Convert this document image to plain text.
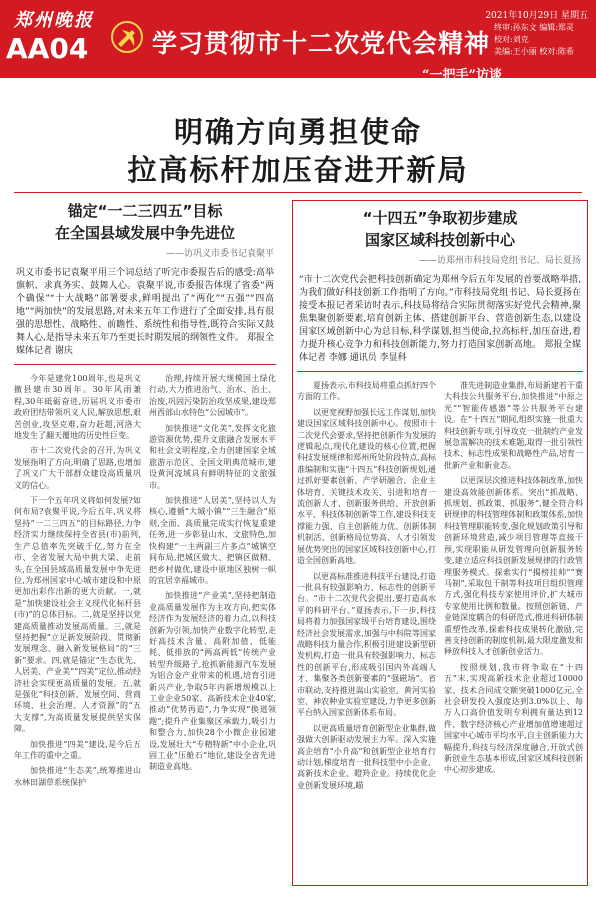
郑州晚报
AA04	学习贯彻市十二次党代会精神
“一把手”访谈
2021年10月29日 星期五
终审:孙东文 编辑:郑灵
校对:刘克
美编:王小丽 校对:陈希
明确方向勇担使命
拉高标杆加压奋进开新局
锚定“一二三四五”目标
在全国县域发展中争先进位
—— 访巩义市委书记袁聚平
巩义市委书记袁聚平用三个词总结了听完市委报告后的感受:高举旗帜、求真务实、鼓舞人心。袁聚平说,市委报告体现了省委“两个确保”“十大战略”部署要求,鲜明提出了“两化”“五强”“四高地”“两加快”的发展思路,对未来五年工作进行了全面安排,具有很强的思想性、战略性、前瞻性、系统性和指导性,既符合实际又鼓舞人心,是指导未来五年乃至更长时期发展的纲领性文件。 郑报全媒体记者 谢庆

今年是建党100周年,也是巩义撤县建市30周年。30年风雨兼程,30年砥砺奋进,历届巩义市委市政府团结带领巩义人民,解放思想,艰苦创业,攻坚克难,奋力赶超,河洛大地发生了翻天覆地的历史性巨变。

市十二次党代会的召开,为巩义发展指明了方向,明确了思路,也增加了巩义广大干部群众建设高质量巩义的信心。

下一个五年巩义将如何发展?如何布局?袁聚平说,今后五年,巩义将坚持“一二三四五”的目标路径,力争经济实力继续保持全省县(市)前列,生产总值率先突破千亿,努力在全市、全省发展大局中挑大梁、走前头,在全国县域高质量发展中争先进位,为郑州国家中心城市建设和中原更加出彩作出新的更大贡献。一,就是“加快建设社会主义现代化标杆县(市)”的总体目标。二,就是坚持以党建高质量推动发展高质量。三,就是坚持把握“立足新发展阶段、贯彻新发展理念、融入新发展格局”的“三新”要求。四,就是锚定“生态优先、人居美、产业美”“四美”定位,推动经济社会实现更高质量的发展。五,就是强化“科技创新、发展空间、营商环境、社会治理、人才资源”的“五大支撑”,为高质量发展提供坚实保障。

加快推进“四美”建设,是今后五年工作的重中之重。

加快推进“生态美”,统筹推进山水林田湖草系统保护

治理,持续开展大规模国土绿化行动,大力推进治气、治水、治土、治废,巩固污染防治攻坚成果,建设郑州西部山水特色“公园城市”。

加快推进“文化美”,发挥文化旅游资源优势,提升文旅融合发展水平和社会文明程度,全力创建国家全域旅游示范区、全国文明典范城市,建设黄河流域具有鲜明特征的文旅强市。

加快推进“人居美”,坚持以人为核心,遵循“大城小镇”“三生融合”原则,全面、高质量完成实行恢复重建任务,进一步彰显山水、文旅特色,加快构建“一主两副三片多点”城镇空间布局,把城区做大、把镇区做精、把乡村做优,建设中原地区独树一帜的宜居幸福城市。

加快推进“产业美”,坚持把制造业高质量发展作为主攻方向,把实体经济作为发展经济的着力点,以科技创新为引领,加快产业数字化转型,走好高技术含量、高附加值、低能耗、低排放的“两高两低”传统产业转型升级路子,抢抓新能源汽车发展为铝合金产业带来的机遇,培育引进新兴产业,争取5年内新增规模以上工业企业50家、高新技术企业40家,推动“优势再造”,力争实现“换道领跑”;提升产业集聚区承载力,吸引力和整合力,加快28个小微企业园建设,发展壮大“专精特新”中小企业,巩固工业“压舱石”地位,建设全省先进制造业高地。

“十四五”争取初步建成
国家区域科技创新中心
—— 访郑州市科技局党组书记、局长夏扬
“市十二次党代会把科技创新确定为郑州今后五年发展的首要战略举措,为我们做好科技创新工作指明了方向。”市科技局党组书记、局长夏扬在接受本报记者采访时表示,科技局将结合实际贯彻落实好党代会精神,聚焦集聚创新要素,培育创新主体、搭建创新平台、营造创新生态,以建设国家区域创新中心为总目标,科学谋划,担当使命,拉高标杆,加压奋进,着力提升核心竞争力和科技创新能力,努力打造国家创新高地。 郑报全媒体记者 李娜 通讯员 李显科

夏扬表示,市科技局将重点抓好四个方面的工作。

以更宽视野加强长远工作谋划,加快建设国家区域科技创新中心。按照市十二次党代会要求,坚持把创新作为发展的逻辑起点,现代化建设的核心位置,把握科技发展规律和郑州所处阶段特点,高标准编制和实施“十四五”科技创新规划,通过抓好要素创新、产学研融合、企业主体培育、关键技术攻关、引进和培育一流创新人才、创新服务供给、开放创新水平、科技体制创新等工作,建设科技支撑能力强、自主创新能力优、创新体制机制活、创新格局位势高、人才引领发展优势突出的国家区域科技创新中心,打造全国创新高地。

以更高标准推进科技平台建设,打造一批具有较强影响力、标志性的创新平台。“市十二次党代会提出,要打造高水平的科研平台。”夏扬表示,下一步,科技局将着力加强国家级平台培育建设,围绕经济社会发展需求,加强与中科院等国家战略科技力量合作,积极引进建设新型研发机构,打造一批具有较强影响力、标志性的创新平台,形成吸引国内外高端人才、集聚各类创新要素的“强磁场”。省市联动,支持推进嵩山实验室、黄河实验室、神农种业实验室建设,力争更多创新平台纳入国家创新体系布局。

以更高质量培育创新型企业集群,做强做大创新驱动发展主力军。深入实施高企培育“小升高”和创新型企业培育行动计划,梯度培育一批科技型中小企业、高新技术企业、瞪羚企业。持续优化企业创新发展环境,瞄

准先进制造业集群,布局新建若干重大科技公共服务平台,加快推进“中原之光”“智能传感器”等公共服务平台建设。在“十四五”期间,组织实施一批重大科技创新专项,引导攻克一批制约产业发展急需解决的技术难题,取得一批引领性技术、标志性成果和战略性产品,培育一批新产业和新业态。

以更深层次推进科技体制改革,加快建设高效能创新体系。突出“抓战略、抓规划、抓政策、抓服务”,健全符合科研规律的科技管理体制和政策体系,加快科技管理职能转变,强化规划政策引导和创新环境营造,减少项目管理等直接干预,实现职能从研发管理向创新服务转变,建立适应科技创新发展规律的行政管理服务模式。探索实行“揭榜挂帅”“赛马制”,采取包干制等科技项目组织管理方式,强化科技专家使用评价,扩大城市专家使用比例和数量。按照创新链、产业链深度耦合的科研范式,推进科研体制重塑性改革,探索科技成果转化激励,完善支持创新的制度机制,最大限度激发和释放科技人才创新创业活力。

按照规划,我市将争取在“十四五”末,实现高新技术企业超过10000家、技术合同成交额突破1000亿元,全社会研发投入强度达到3.0%以上、每万人口高价值发明专利拥有量达到12件、数字经济核心产业增加值增速超过国家中心城市平均水平,自主创新能力大幅提升,科技与经济深度融合,开放式创新创业生态基本形成,国家区域科技创新中心初步建成。
